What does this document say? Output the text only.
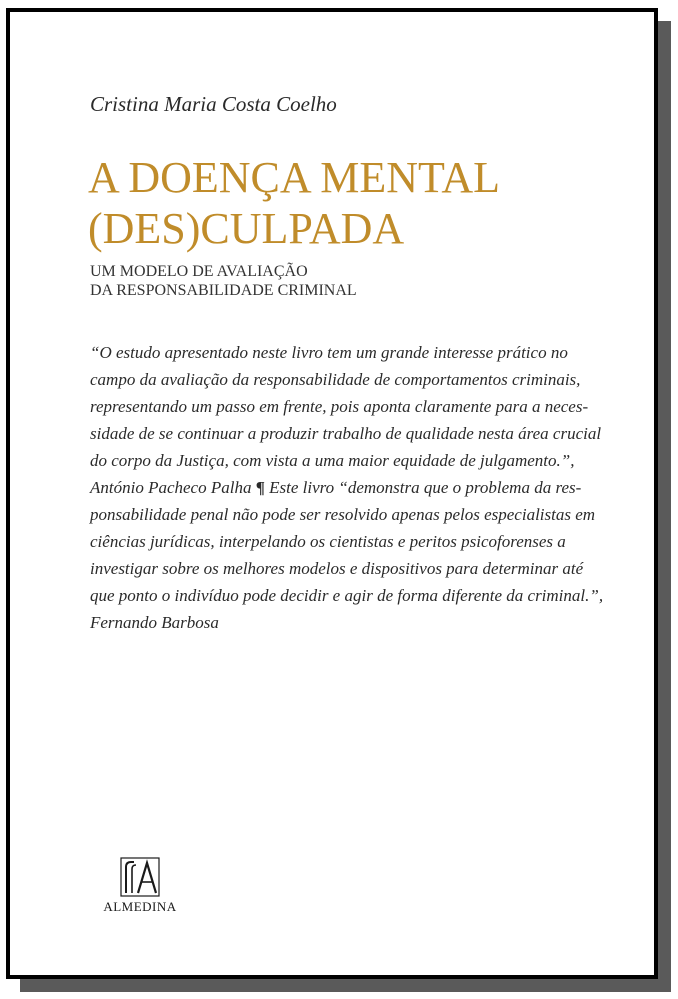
Cristina Maria Costa Coelho

A DOENÇA MENTAL
(DES)CULPADA
UM MODELO DE AVALIAÇÃO
DA RESPONSABILIDADE CRIMINAL
“O estudo apresentado neste livro tem um grande interesse prático no
campo da avaliação da responsabilidade de comportamentos criminais,
representando um passo em frente, pois aponta claramente para a neces-
sidade de se continuar a produzir trabalho de qualidade nesta área crucial
do corpo da Justiça, com vista a uma maior equidade de julgamento.”,
António Pacheco Palha ¶ Este livro “demonstra que o problema da res-
ponsabilidade penal não pode ser resolvido apenas pelos especialistas em
ciências jurídicas, interpelando os cientistas e peritos psicoforenses a
investigar sobre os melhores modelos e dispositivos para determinar até
que ponto o indivíduo pode decidir e agir de forma diferente da criminal.”,
Fernando Barbosa
ALMEDINA
